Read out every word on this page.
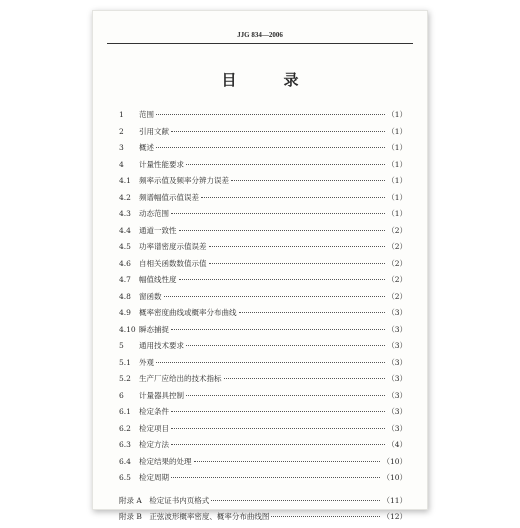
JJG 834—2006
目　录
1	范围	（1）
2	引用文献	（1）
3	概述	（1）
4	计量性能要求	（1）
4.1	频率示值及频率分辨力误差	（1）
4.2	频谱幅值示值误差	（1）
4.3	动态范围	（1）
4.4	通道一致性	（2）
4.5	功率谱密度示值误差	（2）
4.6	自相关函数数值示值	（2）
4.7	幅值线性度	（2）
4.8	窗函数	（2）
4.9	概率密度曲线或概率分布曲线	（3）
4.10 瞬态捕捉	（3）
5	通用技术要求	（3）
5.1	外观	（3）
5.2	生产厂应给出的技术指标	（3）
6	计量器具控制	（3）
6.1	检定条件	（3）
6.2	检定项目	（3）
6.3	检定方法	（4）
6.4	检定结果的处理	（10）
6.5	检定周期	（10）
附录 A　检定证书内页格式	（11）
附录 B　正弦波形概率密度、概率分布曲线图	（12）
